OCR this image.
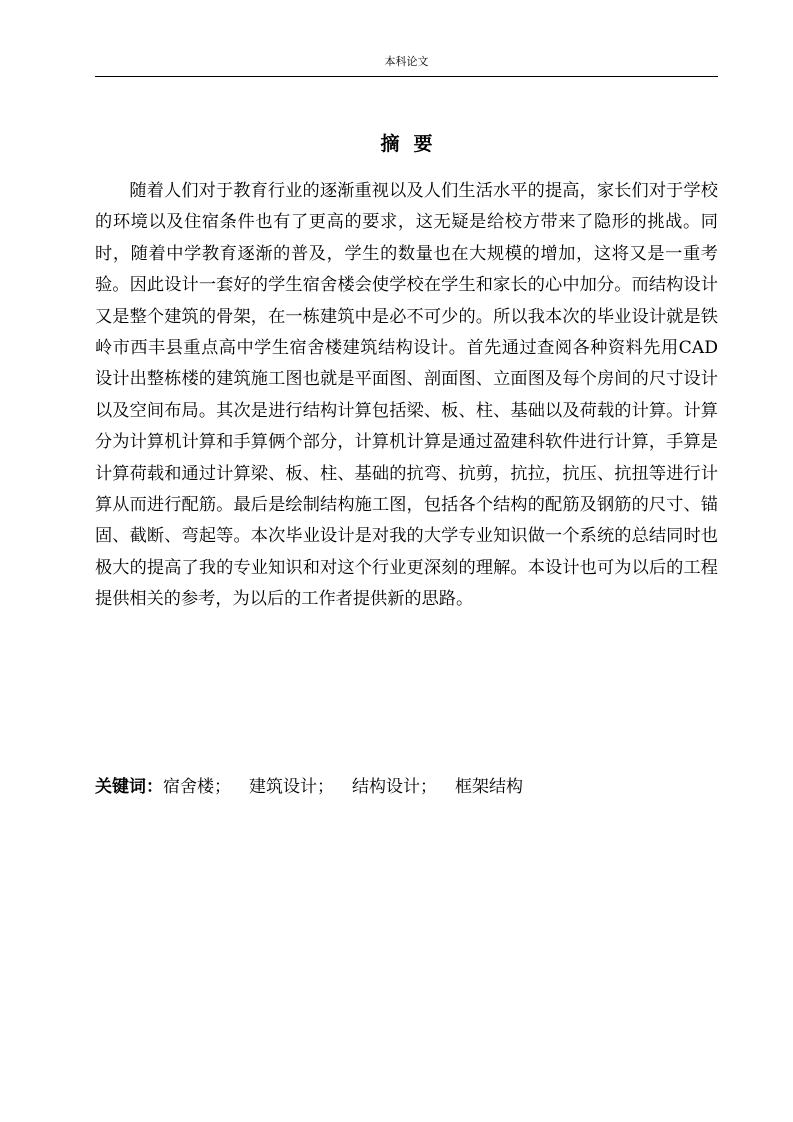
本科论文
摘要

随着人们对于教育行业的逐渐重视以及人们生活水平的提高，家长们对于学校的环境以及住宿条件也有了更高的要求，这无疑是给校方带来了隐形的挑战。同时，随着中学教育逐渐的普及，学生的数量也在大规模的增加，这将又是一重考验。因此设计一套好的学生宿舍楼会使学校在学生和家长的心中加分。而结构设计又是整个建筑的骨架，在一栋建筑中是必不可少的。所以我本次的毕业设计就是铁岭市西丰县重点高中学生宿舍楼建筑结构设计。首先通过查阅各种资料先用CAD设计出整栋楼的建筑施工图也就是平面图、剖面图、立面图及每个房间的尺寸设计以及空间布局。其次是进行结构计算包括梁、板、柱、基础以及荷载的计算。计算分为计算机计算和手算俩个部分，计算机计算是通过盈建科软件进行计算，手算是计算荷载和通过计算梁、板、柱、基础的抗弯、抗剪，抗拉，抗压、抗扭等进行计算从而进行配筋。最后是绘制结构施工图，包括各个结构的配筋及钢筋的尺寸、锚固、截断、弯起等。本次毕业设计是对我的大学专业知识做一个系统的总结同时也极大的提高了我的专业知识和对这个行业更深刻的理解。本设计也可为以后的工程提供相关的参考，为以后的工作者提供新的思路。

关键词：宿舍楼； 建筑设计； 结构设计； 框架结构
